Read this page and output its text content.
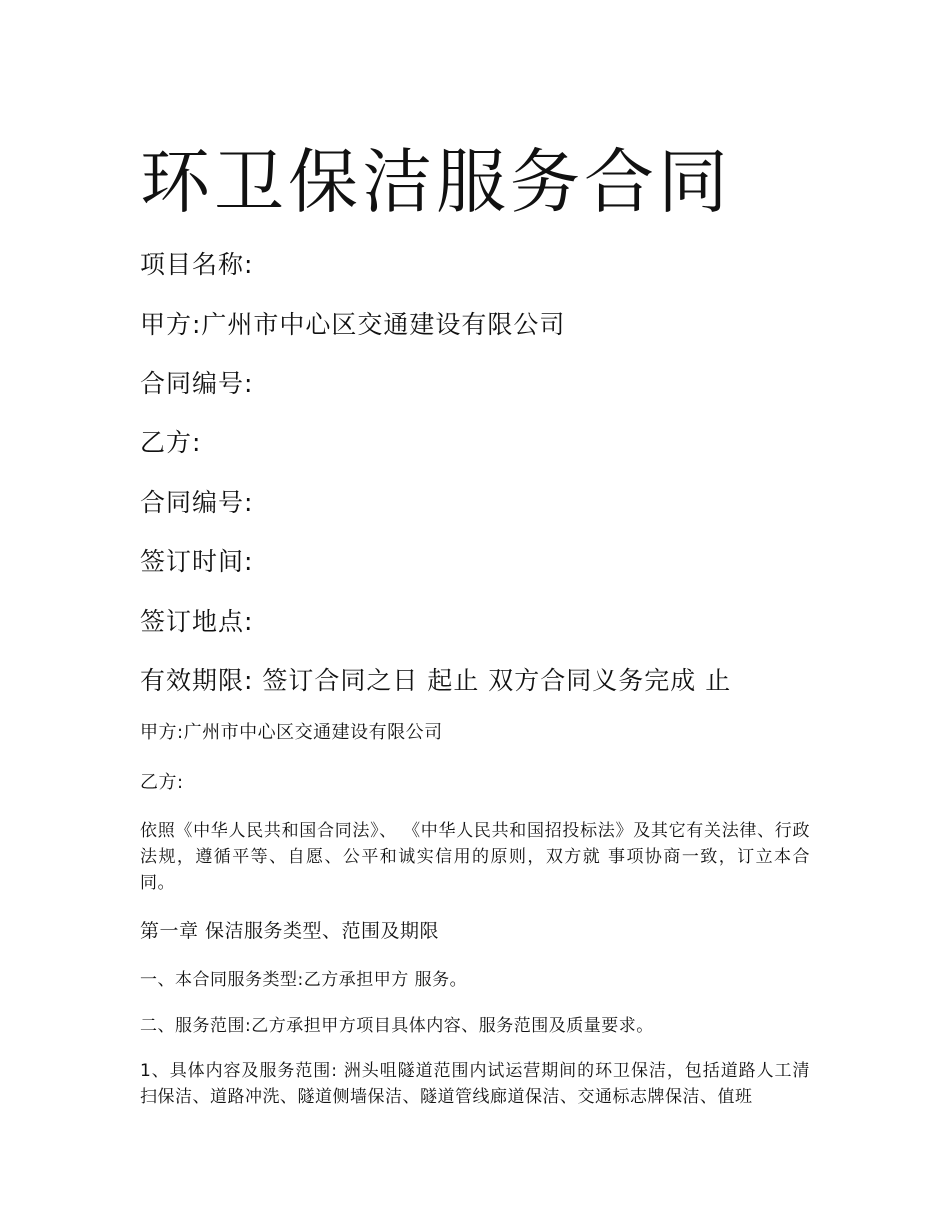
环卫保洁服务合同
项目名称:
甲方:广州市中心区交通建设有限公司
合同编号:
乙方:
合同编号:
签订时间:
签订地点:
有效期限: 签订合同之日 起止 双方合同义务完成 止
甲方:广州市中心区交通建设有限公司
乙方:
依照《中华人民共和国合同法》、 《中华人民共和国招投标法》及其它有关法律、行政法规，遵循平等、自愿、公平和诚实信用的原则，双方就 事项协商一致，订立本合同。
第一章 保洁服务类型、范围及期限
一、本合同服务类型:乙方承担甲方 服务。
二、服务范围:乙方承担甲方项目具体内容、服务范围及质量要求。
1、具体内容及服务范围: 洲头咀隧道范围内试运营期间的环卫保洁，包括道路人工清扫保洁、道路冲洗、隧道侧墙保洁、隧道管线廊道保洁、交通标志牌保洁、值班
